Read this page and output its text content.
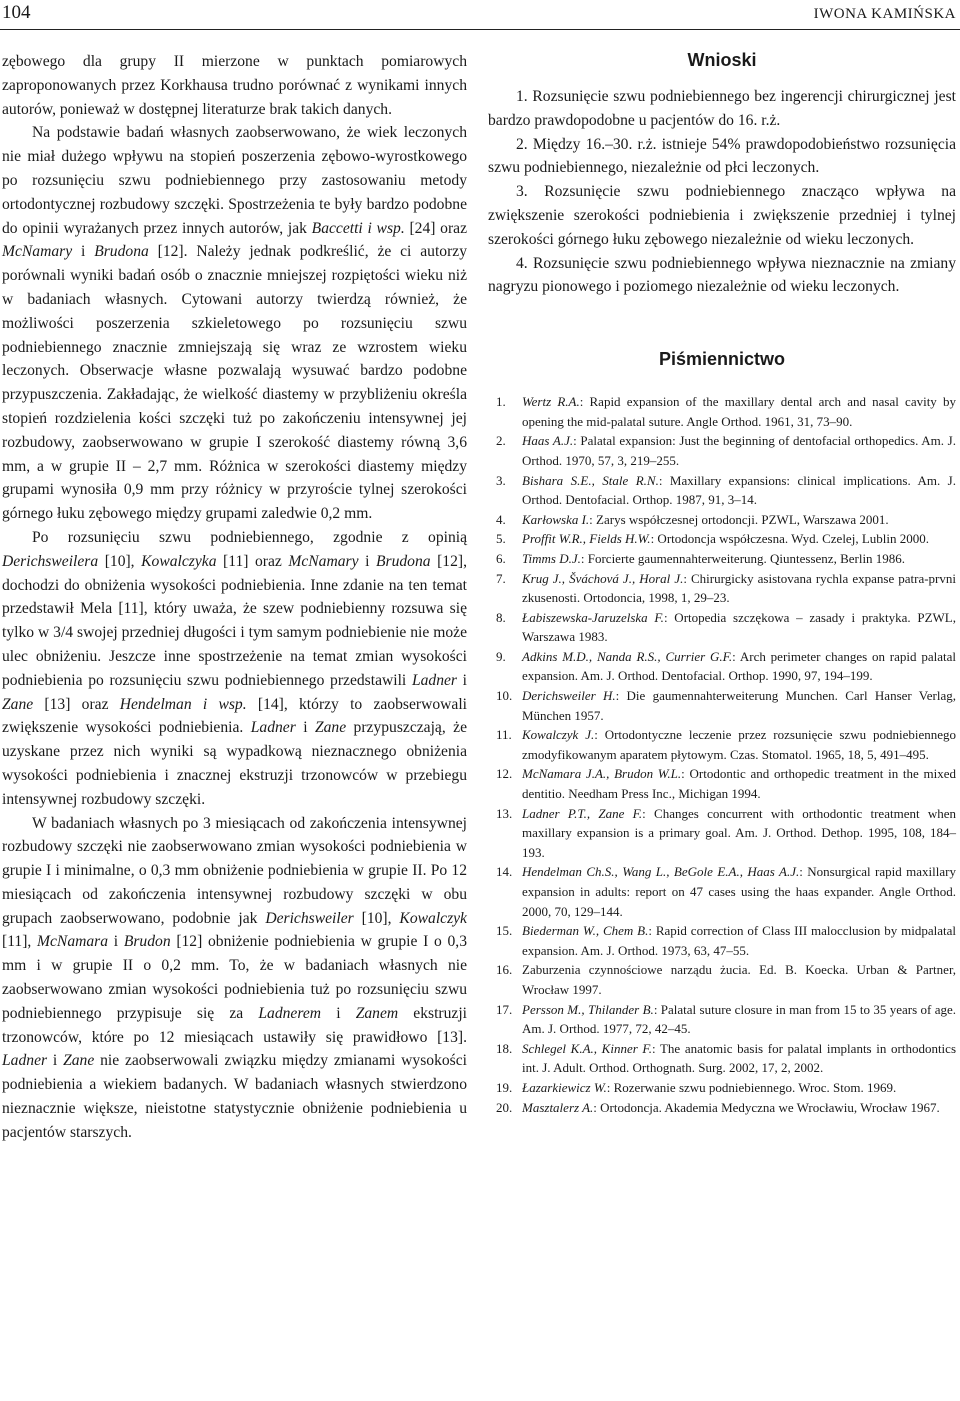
104	IWONA KAMIŃSKA

zębowego dla grupy II mierzone w punktach pomiarowych zaproponowanych przez Korkhausa trudno porównać z wynikami innych autorów, ponieważ w dostępnej literaturze brak takich danych.

Na podstawie badań własnych zaobserwowano, że wiek leczonych nie miał dużego wpływu na stopień poszerzenia zębowo-wyrostkowego po rozsunięciu szwu podniebiennego przy zastosowaniu metody ortodontycznej rozbudowy szczęki. Spostrzeżenia te były bardzo podobne do opinii wyrażanych przez innych autorów, jak Baccetti i wsp. [24] oraz McNamary i Brudona [12]. Należy jednak podkreślić, że ci autorzy porównali wyniki badań osób o znacznie mniejszej rozpiętości wieku niż w badaniach własnych. Cytowani autorzy twierdzą również, że możliwości poszerzenia szkieletowego po rozsunięciu szwu podniebiennego znacznie zmniejszają się wraz ze wzrostem wieku leczonych. Obserwacje własne pozwalają wysuwać bardzo podobne przypuszczenia. Zakładając, że wielkość diastemy w przybliżeniu określa stopień rozdzielenia kości szczęki tuż po zakończeniu intensywnej jej rozbudowy, zaobserwowano w grupie I szerokość diastemy równą 3,6 mm, a w grupie II – 2,7 mm. Różnica w szerokości diastemy między grupami wynosiła 0,9 mm przy różnicy w przyroście tylnej szerokości górnego łuku zębowego między grupami zaledwie 0,2 mm.

Po rozsunięciu szwu podniebiennego, zgodnie z opinią Derichsweilera [10], Kowalczyka [11] oraz McNamary i Brudona [12], dochodzi do obniżenia wysokości podniebienia. Inne zdanie na ten temat przedstawił Mela [11], który uważa, że szew podniebienny rozsuwa się tylko w 3/4 swojej przedniej długości i tym samym podniebienie nie może ulec obniżeniu. Jeszcze inne spostrzeżenie na temat zmian wysokości podniebienia po rozsunięciu szwu podniebiennego przedstawili Ladner i Zane [13] oraz Hendelman i wsp. [14], którzy to zaobserwowali zwiększenie wysokości podniebienia. Ladner i Zane przypuszczają, że uzyskane przez nich wyniki są wypadkową nieznacznego obniżenia wysokości podniebienia i znacznej ekstruzji trzonowców w przebiegu intensywnej rozbudowy szczęki.

W badaniach własnych po 3 miesiącach od zakończenia intensywnej rozbudowy szczęki nie zaobserwowano zmian wysokości podniebienia w grupie I i minimalne, o 0,3 mm obniżenie podniebienia w grupie II. Po 12 miesiącach od zakończenia intensywnej rozbudowy szczęki w obu grupach zaobserwowano, podobnie jak Derichsweiler [10], Kowalczyk [11], McNamara i Brudon [12] obniżenie podniebienia w grupie I o 0,3 mm i w grupie II o 0,2 mm. To, że w badaniach własnych nie zaobserwowano zmian wysokości podniebienia tuż po rozsunięciu szwu podniebiennego przypisuje się za Ladnerem i Zanem ekstruzji trzonowców, które po 12 miesiącach ustawiły się prawidłowo [13]. Ladner i Zane nie zaobserwowali związku między zmianami wysokości podniebienia a wiekiem badanych. W badaniach własnych stwierdzono nieznacznie większe, nieistotne statystycznie obniżenie podniebienia u pacjentów starszych.

Wnioski

1. Rozsunięcie szwu podniebiennego bez ingerencji chirurgicznej jest bardzo prawdopodobne u pacjentów do 16. r.ż.

2. Między 16.–30. r.ż. istnieje 54% prawdopodobieństwo rozsunięcia szwu podniebiennego, niezależnie od płci leczonych.

3. Rozsunięcie szwu podniebiennego znacząco wpływa na zwiększenie szerokości podniebienia i zwiększenie przedniej i tylnej szerokości górnego łuku zębowego niezależnie od wieku leczonych.

4. Rozsunięcie szwu podniebiennego wpływa nieznacznie na zmiany nagryzu pionowego i poziomego niezależnie od wieku leczonych.

Piśmiennictwo
1.	Wertz R.A.: Rapid expansion of the maxillary dental arch and nasal cavity by opening the mid-palatal suture. Angle Orthod. 1961, 31, 73–90.
2.	Haas A.J.: Palatal expansion: Just the beginning of dentofacial orthopedics. Am. J. Orthod. 1970, 57, 3, 219–255.
3.	Bishara S.E., Stale R.N.: Maxillary expansions: clinical implications. Am. J. Orthod. Dentofacial. Orthop. 1987, 91, 3–14.
4.	Karłowska I.: Zarys współczesnej ortodoncji. PZWL, Warszawa 2001.
5.	Proffit W.R., Fields H.W.: Ortodoncja współczesna. Wyd. Czelej, Lublin 2000.
6.	Timms D.J.: Forcierte gaumennahterweiterung. Qiuntessenz, Berlin 1986.
7.	Krug J., Šváchová J., Horal J.: Chirurgicky asistovana rychla expanse patra-prvni zkusenosti. Ortodoncia, 1998, 1, 29–23.
8.	Łabiszewska-Jaruzelska F.: Ortopedia szczękowa – zasady i praktyka. PZWL, Warszawa 1983.
9.	Adkins M.D., Nanda R.S., Currier G.F.: Arch perimeter changes on rapid palatal expansion. Am. J. Orthod. Dentofacial. Orthop. 1990, 97, 194–199.
10. Derichsweiler H.: Die gaumennahterweiterung Munchen. Carl Hanser Verlag, München 1957.
11. Kowalczyk J.: Ortodontyczne leczenie przez rozsunięcie szwu podniebiennego zmodyfikowanym aparatem płytowym. Czas. Stomatol. 1965, 18, 5, 491–495.
12. McNamara J.A., Brudon W.L.: Ortodontic and orthopedic treatment in the mixed dentitio. Needham Press Inc., Michigan 1994.
13. Ladner P.T., Zane F.: Changes concurrent with orthodontic treatment when maxillary expansion is a primary goal. Am. J. Orthod. Dethop. 1995, 108, 184–193.
14. Hendelman Ch.S., Wang L., BeGole E.A., Haas A.J.: Nonsurgical rapid maxillary expansion in adults: report on 47 cases using the haas expander. Angle Orthod. 2000, 70, 129–144.
15. Biederman W., Chem B.: Rapid correction of Class III malocclusion by midpalatal expansion. Am. J. Orthod. 1973, 63, 47–55.
16. Zaburzenia czynnościowe narządu żucia. Ed. B. Koecka. Urban & Partner, Wrocław 1997.
17. Persson M., Thilander B.: Palatal suture closure in man from 15 to 35 years of age. Am. J. Orthod. 1977, 72, 42–45.
18. Schlegel K.A., Kinner F.: The anatomic basis for palatal implants in orthodontics int. J. Adult. Orthod. Orthognath. Surg. 2002, 17, 2, 2002.
19. Łazarkiewicz W.: Rozerwanie szwu podniebiennego. Wroc. Stom. 1969.
20. Masztalerz A.: Ortodoncja. Akademia Medyczna we Wrocławiu, Wrocław 1967.
